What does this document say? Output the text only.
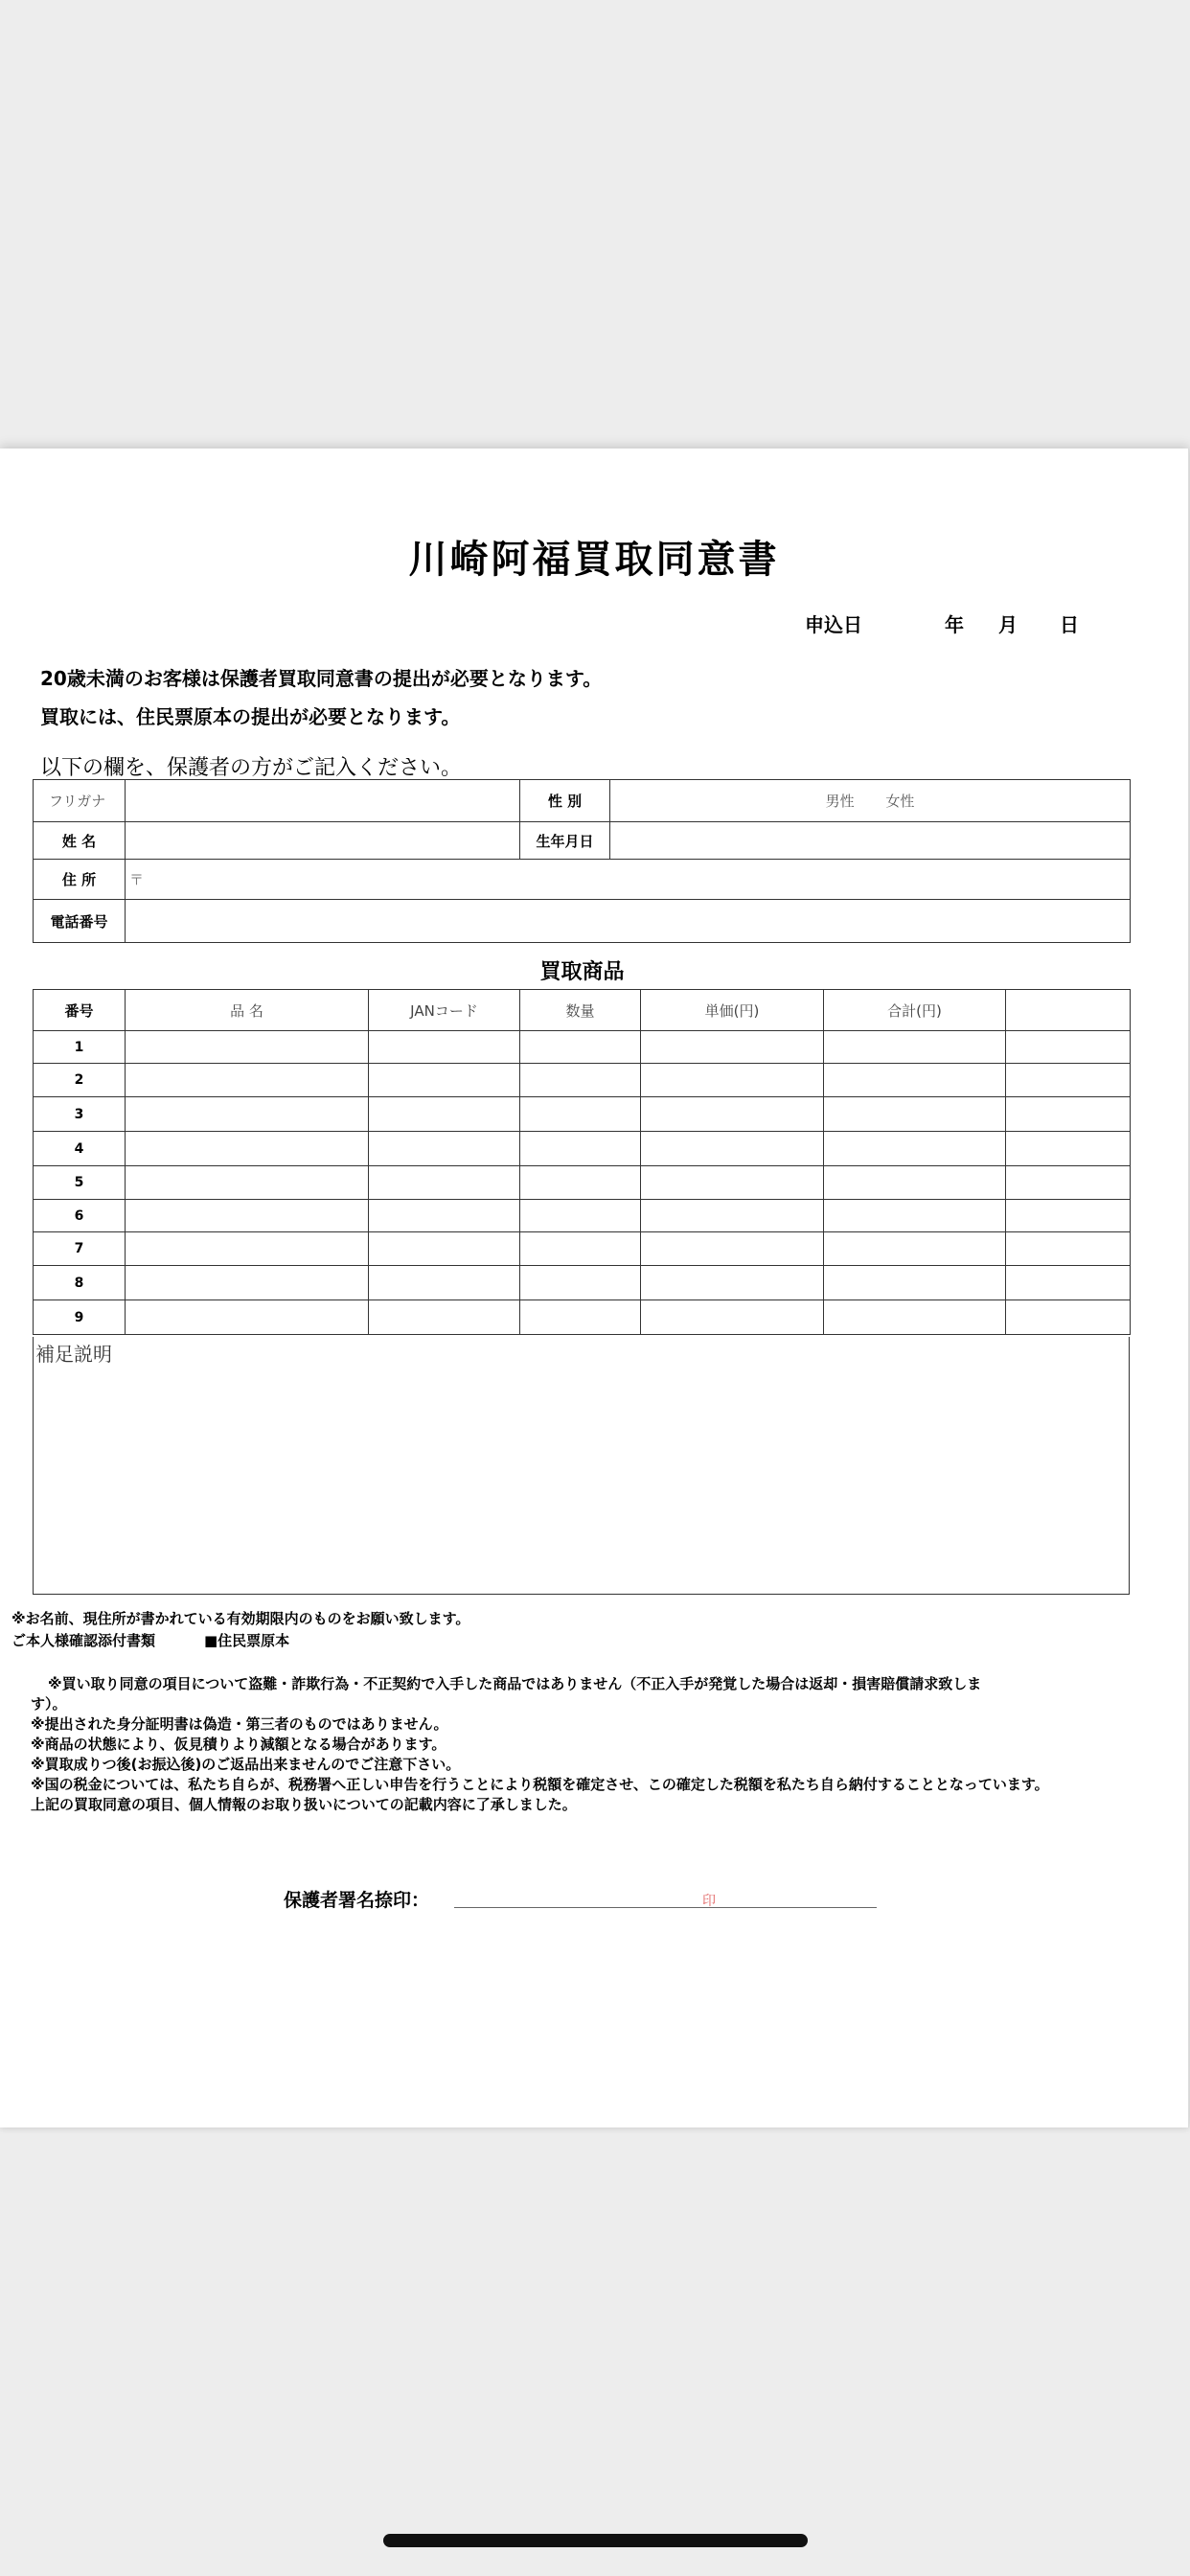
川崎阿福買取同意書
申込日	年 月 日
20歳未満のお客様は保護者買取同意書の提出が必要となります。
買取には、住民票原本の提出が必要となります。
以下の欄を、保護者の方がご記入ください。
フリガナ		性 別	男性 女性
姓 名		生年月日	
住 所	〒		
電話番号			
買取商品
番号	品 名	JANコード	数量	単価(円)	合計(円)	
1						
2						
3						
4						
5						
6						
7						
8						
9						
補足説明
※お名前、現住所が書かれている有効期限内のものをお願い致します。
ご本人様確認添付書類	■住民票原本
※買い取り同意の項目について盗難・詐欺行為・不正契約で入手した商品ではありません（不正入手が発覚した場合は返却・損害賠償請求致しま
す）。
※提出された身分証明書は偽造・第三者のものではありません。
※商品の状態により、仮見積りより減額となる場合があります。
※買取成りつ後(お振込後)のご返品出来ませんのでご注意下さい。
※国の税金については、私たち自らが、税務署へ正しい申告を行うことにより税額を確定させ、この確定した税額を私たち自ら納付することとなっています。
上記の買取同意の項目、個人情報のお取り扱いについての記載内容に了承しました。
保護者署名捺印：	印
